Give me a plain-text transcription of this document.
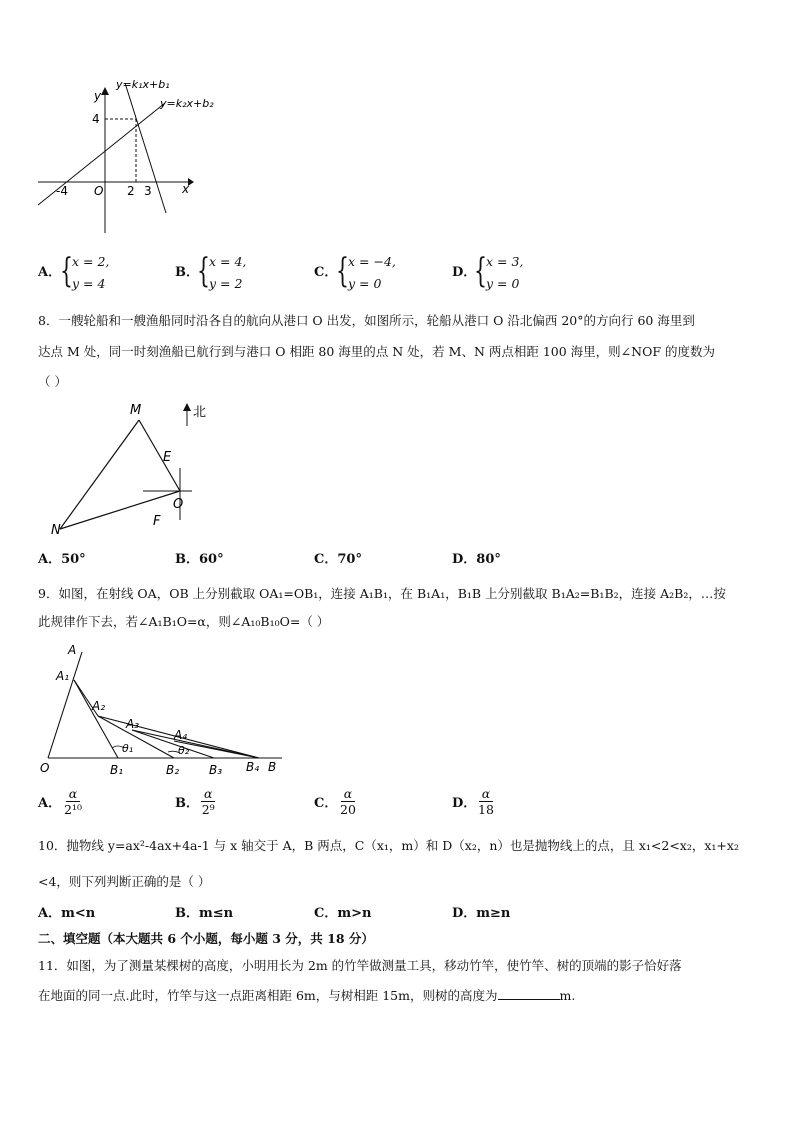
y=k₁x+b₁
y=k₂x+b₂
y
x
4
O
-4	2 3
A．
{ x = 2,
y = 4
B．
{ x = 4,
y = 2
C．
{ x = −4,
y = 0
D．
{ x = 3,
y = 0
8．一艘轮船和一艘渔船同时沿各自的航向从港口 O 出发，如图所示，轮船从港口 O 沿北偏西 20°的方向行 60 海里到
达点 M 处，同一时刻渔船已航行到与港口 O 相距 80 海里的点 N 处，若 M、N 两点相距 100 海里，则∠NOF 的度数为
（ ）
北
M
N
E
F
O
A．50°	B．60°	C．70°	D．80°
9．如图，在射线 OA，OB 上分别截取 OA₁=OB₁，连接 A₁B₁，在 B₁A₁，B₁B 上分别截取 B₁A₂=B₁B₂，连接 A₂B₂，…按
此规律作下去，若∠A₁B₁O=α，则∠A₁₀B₁₀O=（ ）
A
A₁
A₂
A₃
A₄
θ₁	θ₂
O	B₁	B₂ B₃ B₄ B
A． $\frac{\alpha}{\text{2¹⁰}}$	B． $\frac{\alpha}{\text{2⁹}}$	C． $\frac{\alpha}{20}$	D． $\frac{\alpha}{18}$
10．抛物线 y=ax²-4ax+4a-1 与 x 轴交于 A，B 两点，C（x₁，m）和 D（x₂，n）也是抛物线上的点，且 x₁<2<x₂，x₁+x₂
<4，则下列判断正确的是（ ）
A．m<n	B．m≤n	C．m>n	D．m≥n
二、填空题（本大题共 6 个小题，每小题 3 分，共 18 分）
11．如图，为了测量某棵树的高度，小明用长为 2m 的竹竿做测量工具，移动竹竿，使竹竿、树的顶端的影子恰好落
在地面的同一点.此时，竹竿与这一点距离相距 6m，与树相距 15m，则树的高度为	m.
